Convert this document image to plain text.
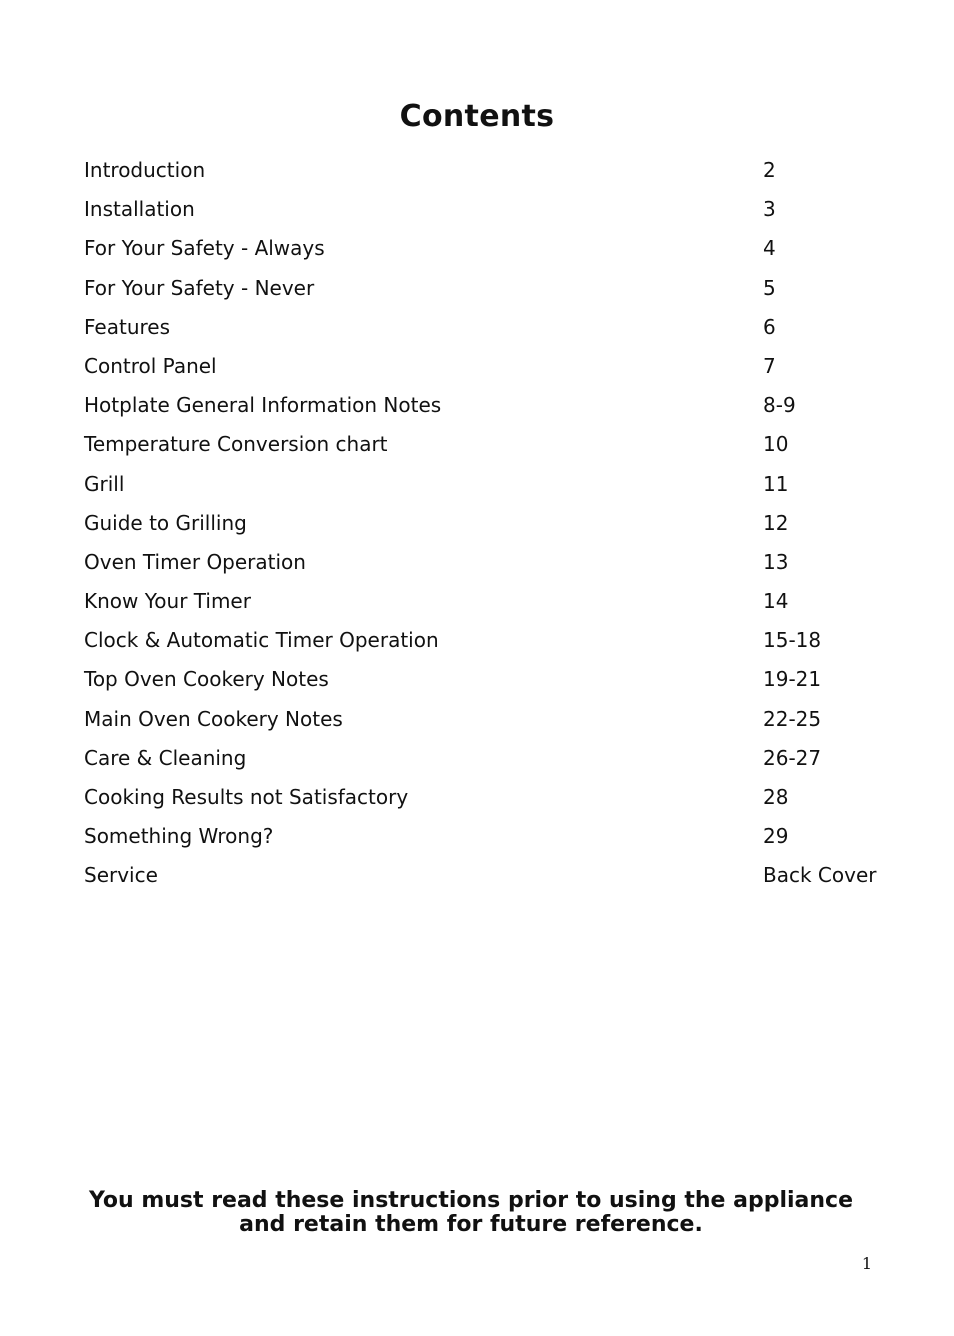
Contents
Introduction	2
Installation	3
For Your Safety - Always	4
For Your Safety - Never	5
Features	6
Control Panel	7
Hotplate General Information Notes	8-9
Temperature Conversion chart	10
Grill	11
Guide to Grilling	12
Oven Timer Operation	13
Know Your Timer	14
Clock & Automatic Timer Operation	15-18
Top Oven Cookery Notes	19-21
Main Oven Cookery Notes	22-25
Care & Cleaning	26-27
Cooking Results not Satisfactory	28
Something Wrong?	29
Service	Back Cover
You must read these instructions prior to using the appliance
and retain them for future reference.
1
